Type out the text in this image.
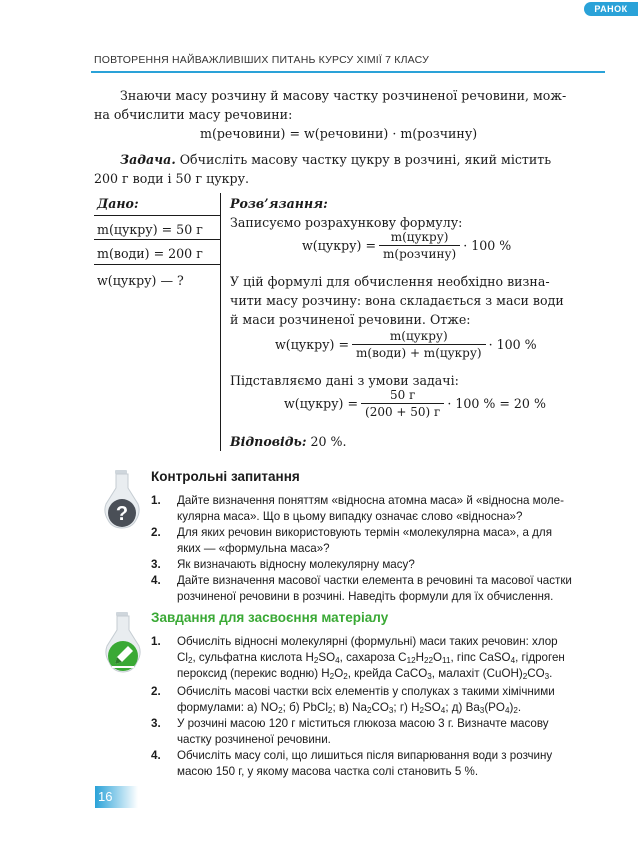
РАНОК
ПОВТОРЕННЯ НАЙВАЖЛИВІШИХ ПИТАНЬ КУРСУ ХІМІЇ 7 КЛАСУ
Знаючи масу розчину й масову частку розчиненої речовини, мож-
на обчислити масу речовини:
m(речовини) = w(речовини) · m(розчину)
Задача. Обчисліть масову частку цукру в розчині, який містить
200 г води і 50 г цукру.
Дано:
m(цукру) = 50 г
m(води) = 200 г
w(цукру) — ?
Розв’язання:
Записуємо розрахункову формулу:
w(цукру) = $\frac{\text{m(цукру)}}{\text{m(розчину)}} \cdot 100$ %
У цій формулі для обчислення необхідно визна-
чити масу розчину: вона складається з маси води
й маси розчиненої речовини. Отже:
w(цукру) = $\frac{\text{m(цукру)}}{\text{m(води) + m(цукру)}} \cdot 100$ %
Підставляємо дані з умови задачі:
w(цукру) = $\frac{50 г}{(200 + 50) г} \cdot 100$ % = 20 %
Відповідь: 20 %.
?
Контрольні запитання
1. Дайте визначення поняттям «відносна атомна маса» й «відносна моле-
кулярна маса». Що в цьому випадку означає слово «відносна»?
2. Для яких речовин використовують термін «молекулярна маса», а для
яких — «формульна маса»?
3. Як визначають відносну молекулярну масу?
4. Дайте визначення масової частки елемента в речовині та масової частки
розчиненої речовини в розчині. Наведіть формули для їх обчислення.
Завдання для засвоєння матеріалу
1. Обчисліть відносні молекулярні (формульні) маси таких речовин: хлор
$Cl_2$, сульфатна кислота $H_2SO_4$, сахароза $C_{12}H_{22}O_{11}$, гіпс CaSO$_4$, гідроген
пероксид (перекис водню) $H_2O_2$, крейда CaCO$_3$, малахіт $(CuOH)_2CO_3$.
2. Обчисліть масові частки всіх елементів у сполуках з такими хімічними
формулами: а) $NO_2$; б) PbCl$_2$; в) $Na_2CO_3$; г) $H_2SO_4$; д) $Ba_3(PO_4)_2$.
3. У розчині масою 120 г міститься глюкоза масою 3 г. Визначте масову
частку розчиненої речовини.
4. Обчисліть масу солі, що лишиться після випарювання води з розчину
масою 150 г, у якому масова частка солі становить 5 %.
16
